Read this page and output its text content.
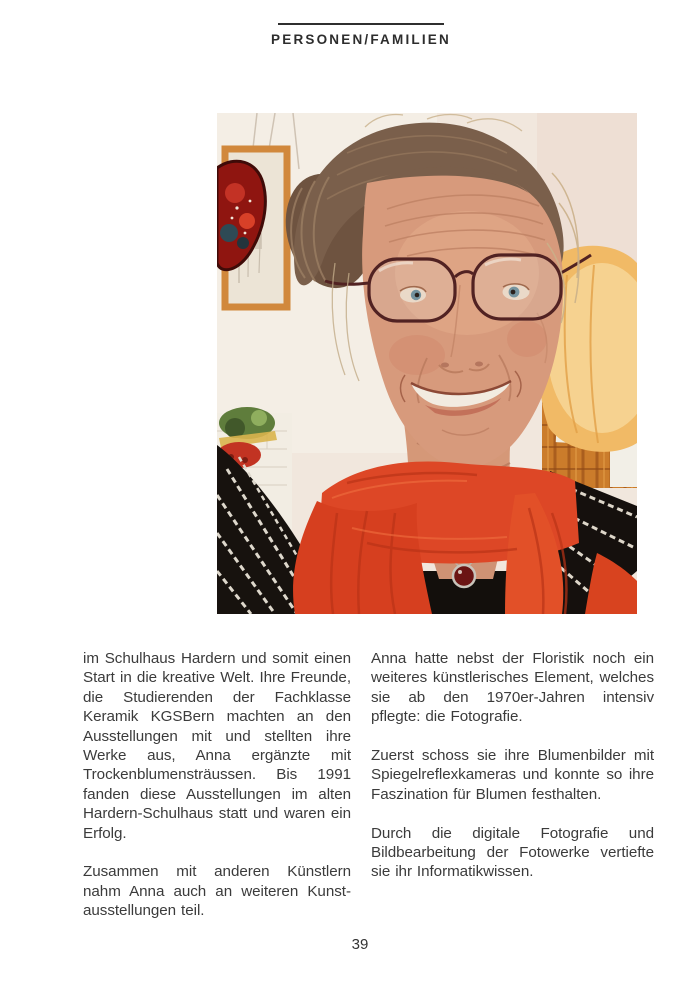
PERSONEN/FAMILIEN

im Schulhaus Hardern und somit einen Start in die kreative Welt. Ihre Freunde, die Studierenden der Fachklasse Keramik KGSBern machten an den Ausstellungen mit und stellten ihre Werke aus, Anna ergänzte mit Trockenblumensträussen. Bis 1991 fanden diese Ausstellungen im alten Hardern-Schulhaus statt und waren ein Erfolg.

Zusammen mit anderen Künstlern nahm Anna auch an weiteren Kunstausstellungen teil.

Anna hatte nebst der Floristik noch ein weiteres künstlerisches Element, welches sie ab den 1970er-Jahren intensiv pflegte: die Fotografie.

Zuerst schoss sie ihre Blumenbilder mit Spiegelreflexkameras und konnte so ihre Faszination für Blumen festhalten.

Durch die digitale Fotografie und Bildbearbeitung der Fotowerke vertiefte sie ihr Informatikwissen.

39
